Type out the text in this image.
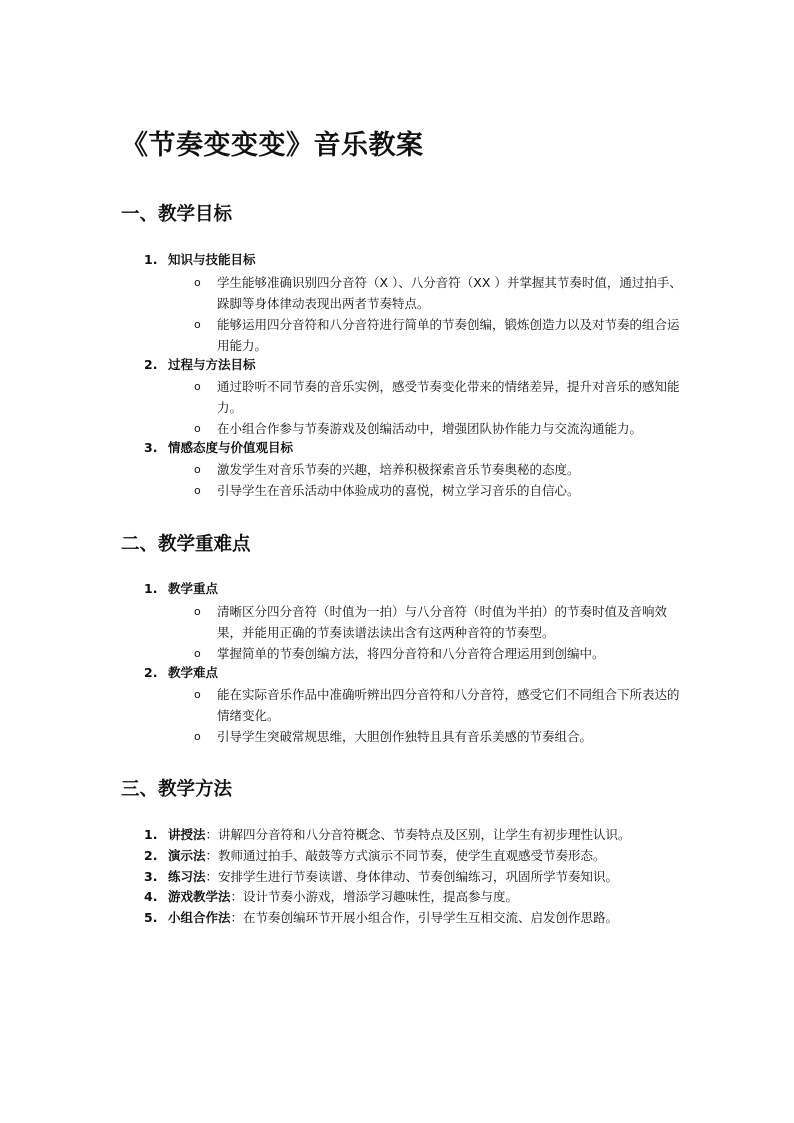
《节奏变变变》音乐教案
一、教学目标
1. 知识与技能目标
o	学生能够准确识别四分音符（X ）、八分音符（XX ）并掌握其节奏时值，通过拍手、跺脚等身体律动表现出两者节奏特点。
o	能够运用四分音符和八分音符进行简单的节奏创编，锻炼创造力以及对节奏的组合运用能力。
2. 过程与方法目标
o	通过聆听不同节奏的音乐实例，感受节奏变化带来的情绪差异，提升对音乐的感知能力。
o	在小组合作参与节奏游戏及创编活动中，增强团队协作能力与交流沟通能力。
3. 情感态度与价值观目标
o	激发学生对音乐节奏的兴趣，培养积极探索音乐节奏奥秘的态度。
o	引导学生在音乐活动中体验成功的喜悦，树立学习音乐的自信心。
二、教学重难点
1. 教学重点
o	清晰区分四分音符（时值为一拍）与八分音符（时值为半拍）的节奏时值及音响效果，并能用正确的节奏读谱法读出含有这两种音符的节奏型。
o	掌握简单的节奏创编方法，将四分音符和八分音符合理运用到创编中。
2. 教学难点
o	能在实际音乐作品中准确听辨出四分音符和八分音符，感受它们不同组合下所表达的情绪变化。
o	引导学生突破常规思维，大胆创作独特且具有音乐美感的节奏组合。
三、教学方法
1. 讲授法：讲解四分音符和八分音符概念、节奏特点及区别，让学生有初步理性认识。
2. 演示法：教师通过拍手、敲鼓等方式演示不同节奏，使学生直观感受节奏形态。
3. 练习法：安排学生进行节奏读谱、身体律动、节奏创编练习，巩固所学节奏知识。
4. 游戏教学法：设计节奏小游戏，增添学习趣味性，提高参与度。
5. 小组合作法：在节奏创编环节开展小组合作，引导学生互相交流、启发创作思路。
